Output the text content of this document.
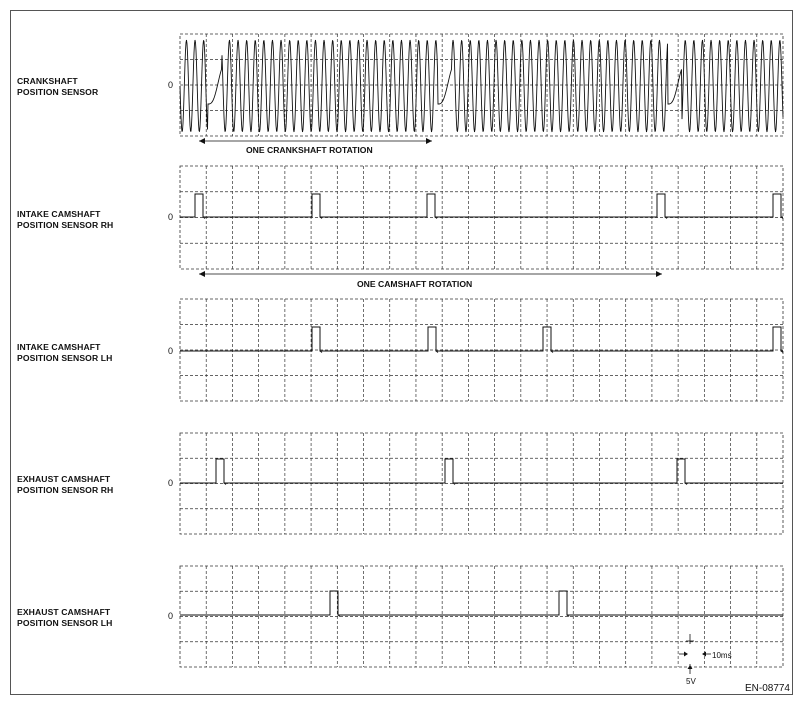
CRANKSHAFT
POSITION SENSOR
0
INTAKE CAMSHAFT
POSITION SENSOR RH
0
INTAKE CAMSHAFT
POSITION SENSOR LH
0
EXHAUST CAMSHAFT
POSITION SENSOR RH
0
EXHAUST CAMSHAFT
POSITION SENSOR LH
0
ONE CRANKSHAFT ROTATION
ONE CAMSHAFT ROTATION
10ms
5V
EN-08774
